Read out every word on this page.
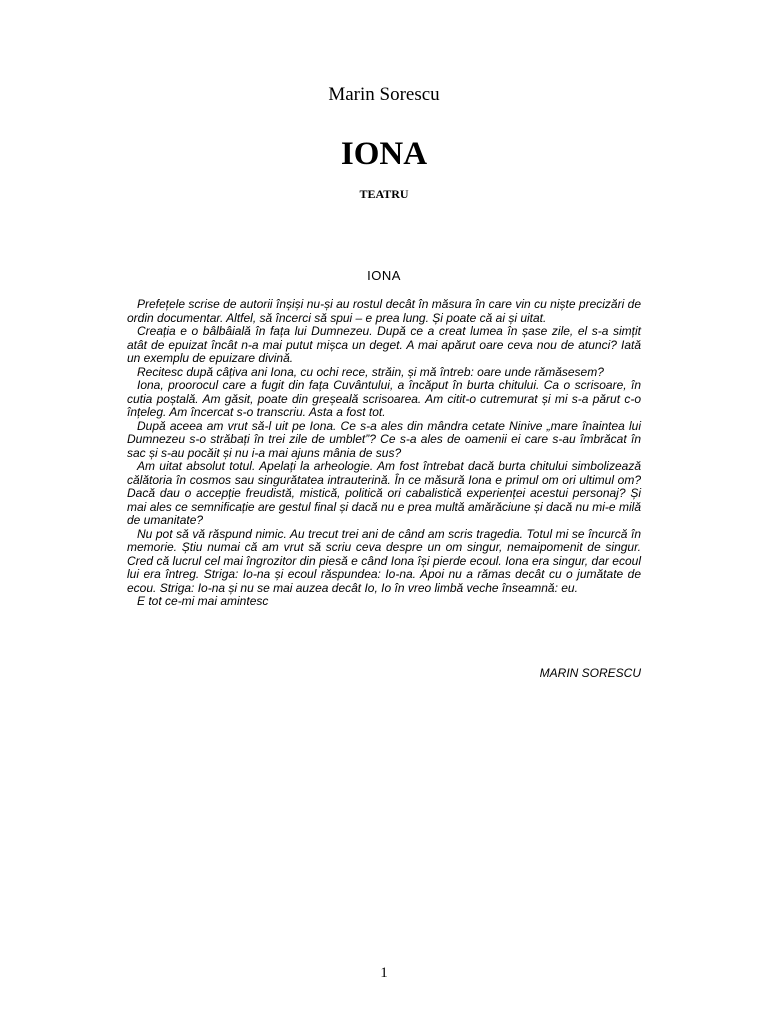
Marin Sorescu
IONA
TEATRU
IONA

Prefețele scrise de autorii înșiși nu-și au rostul decât în măsura în care vin cu niște precizări de ordin documentar. Altfel, să încerci să spui – e prea lung. Și poate că ai și uitat.

Creația e o bâlbâială în fața lui Dumnezeu. După ce a creat lumea în șase zile, el s-a simțit atât de epuizat încât n-a mai putut mișca un deget. A mai apărut oare ceva nou de atunci? Iată un exemplu de epuizare divină.

Recitesc după câțiva ani Iona, cu ochi rece, străin, și mă întreb: oare unde rămăsesem?

Iona, proorocul care a fugit din fața Cuvântului, a încăput în burta chitului. Ca o scrisoare, în cutia poștală. Am găsit, poate din greșeală scrisoarea. Am citit-o cutremurat și mi s-a părut c-o înțeleg. Am încercat s-o transcriu. Asta a fost tot.

După aceea am vrut să-l uit pe Iona. Ce s-a ales din mândra cetate Ninive „mare înaintea lui Dumnezeu s-o străbați în trei zile de umblet”? Ce s-a ales de oamenii ei care s-au îmbrăcat în sac și s-au pocăit și nu i-a mai ajuns mânia de sus?

Am uitat absolut totul. Apelați la arheologie. Am fost întrebat dacă burta chitului simbolizează călătoria în cosmos sau singurătatea intrauterină. În ce măsură Iona e primul om ori ultimul om? Dacă dau o accepție freudistă, mistică, politică ori cabalistică experienței acestui personaj? Și mai ales ce semnificație are gestul final și dacă nu e prea multă amărăciune și dacă nu mi-e milă de umanitate?

Nu pot să vă răspund nimic. Au trecut trei ani de când am scris tragedia. Totul mi se încurcă în memorie. Știu numai că am vrut să scriu ceva despre un om singur, nemaipomenit de singur. Cred că lucrul cel mai îngrozitor din piesă e când Iona își pierde ecoul. Iona era singur, dar ecoul lui era întreg. Striga: Io-na și ecoul răspundea: Io-na. Apoi nu a rămas decât cu o jumătate de ecou. Striga: Io-na și nu se mai auzea decât Io, Io în vreo limbă veche înseamnă: eu.

E tot ce-mi mai amintesc

MARIN SORESCU
1
